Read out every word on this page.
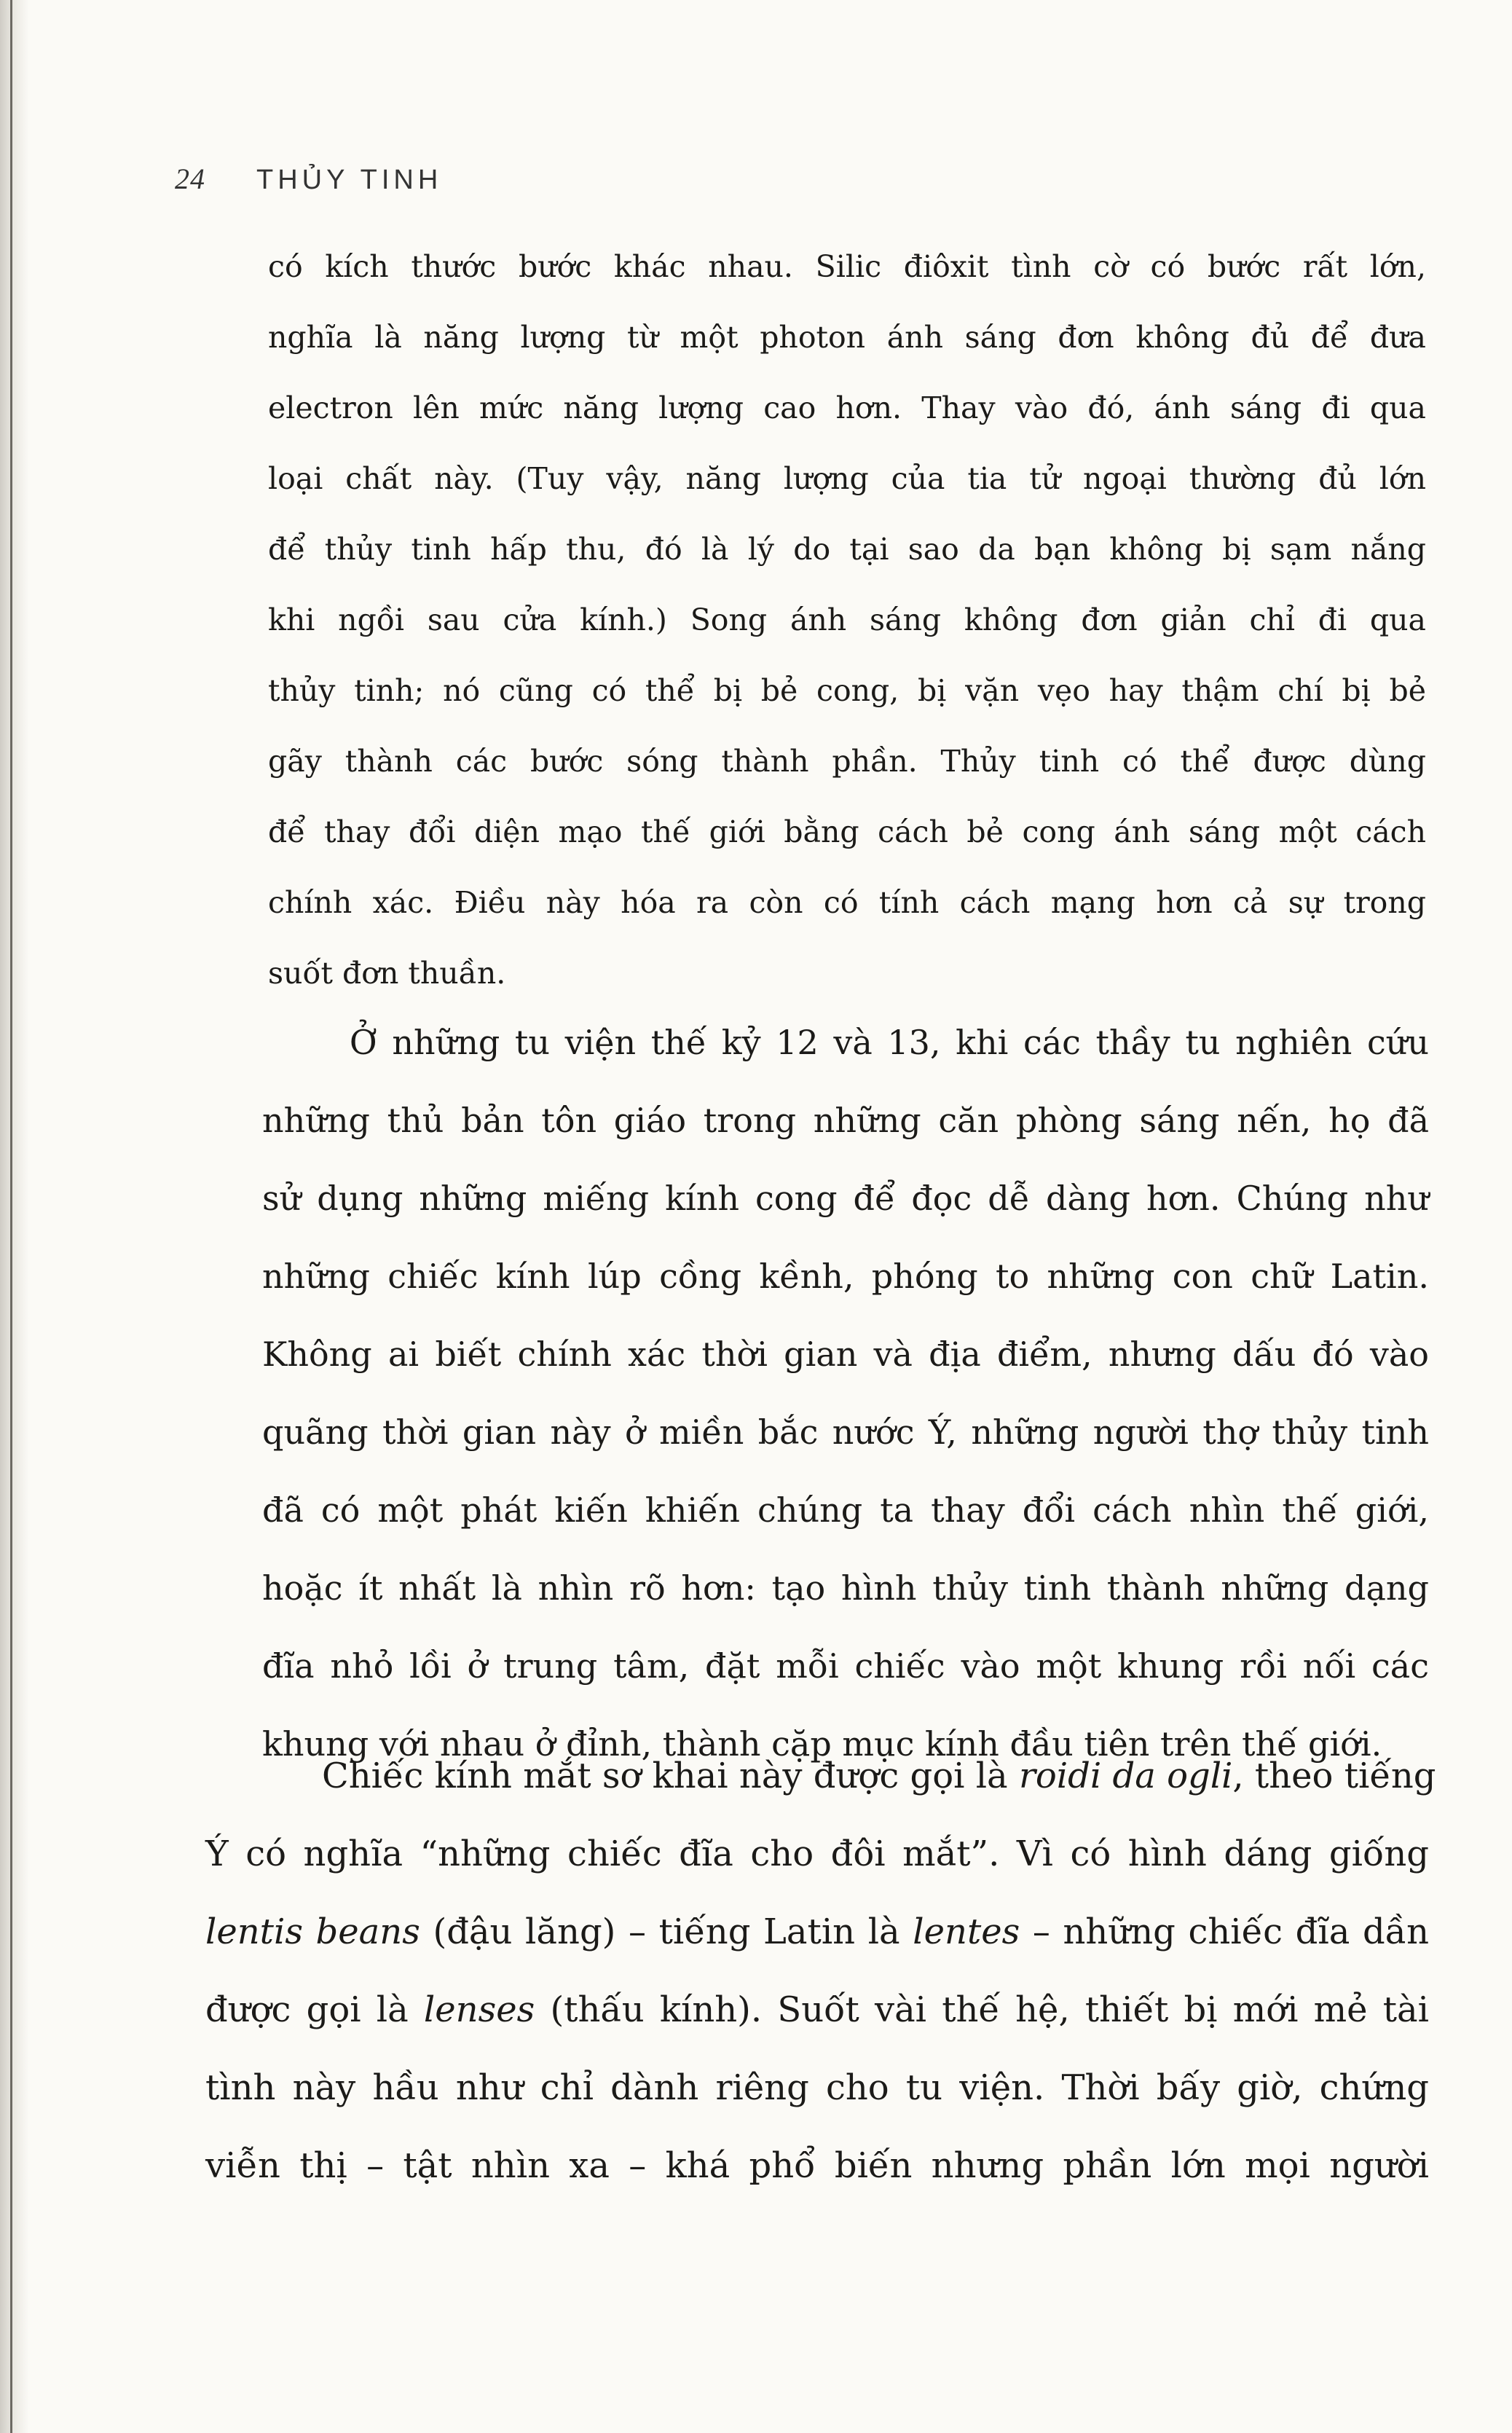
24 THỦY TINH
có kích thước bước khác nhau. Silic điôxit tình cờ có bước rất lớn,
nghĩa là năng lượng từ một photon ánh sáng đơn không đủ để đưa
electron lên mức năng lượng cao hơn. Thay vào đó, ánh sáng đi qua
loại chất này. (Tuy vậy, năng lượng của tia tử ngoại thường đủ lớn
để thủy tinh hấp thu, đó là lý do tại sao da bạn không bị sạm nắng
khi ngồi sau cửa kính.) Song ánh sáng không đơn giản chỉ đi qua
thủy tinh; nó cũng có thể bị bẻ cong, bị vặn vẹo hay thậm chí bị bẻ
gãy thành các bước sóng thành phần. Thủy tinh có thể được dùng
để thay đổi diện mạo thế giới bằng cách bẻ cong ánh sáng một cách
chính xác. Điều này hóa ra còn có tính cách mạng hơn cả sự trong
suốt đơn thuần.
Ở những tu viện thế kỷ 12 và 13, khi các thầy tu nghiên cứu
những thủ bản tôn giáo trong những căn phòng sáng nến, họ đã
sử dụng những miếng kính cong để đọc dễ dàng hơn. Chúng như
những chiếc kính lúp cồng kềnh, phóng to những con chữ Latin.
Không ai biết chính xác thời gian và địa điểm, nhưng dấu đó vào
quãng thời gian này ở miền bắc nước Ý, những người thợ thủy tinh
đã có một phát kiến khiến chúng ta thay đổi cách nhìn thế giới,
hoặc ít nhất là nhìn rõ hơn: tạo hình thủy tinh thành những dạng
đĩa nhỏ lồi ở trung tâm, đặt mỗi chiếc vào một khung rồi nối các
khung với nhau ở đỉnh, thành cặp mục kính đầu tiên trên thế giới.
Chiếc kính mắt sơ khai này được gọi là roidi da ogli, theo tiếng
Ý có nghĩa “những chiếc đĩa cho đôi mắt”. Vì có hình dáng giống
lentis beans (đậu lăng) – tiếng Latin là lentes – những chiếc đĩa dần
được gọi là lenses (thấu kính). Suốt vài thế hệ, thiết bị mới mẻ tài
tình này hầu như chỉ dành riêng cho tu viện. Thời bấy giờ, chứng
viễn thị – tật nhìn xa – khá phổ biến nhưng phần lớn mọi người
